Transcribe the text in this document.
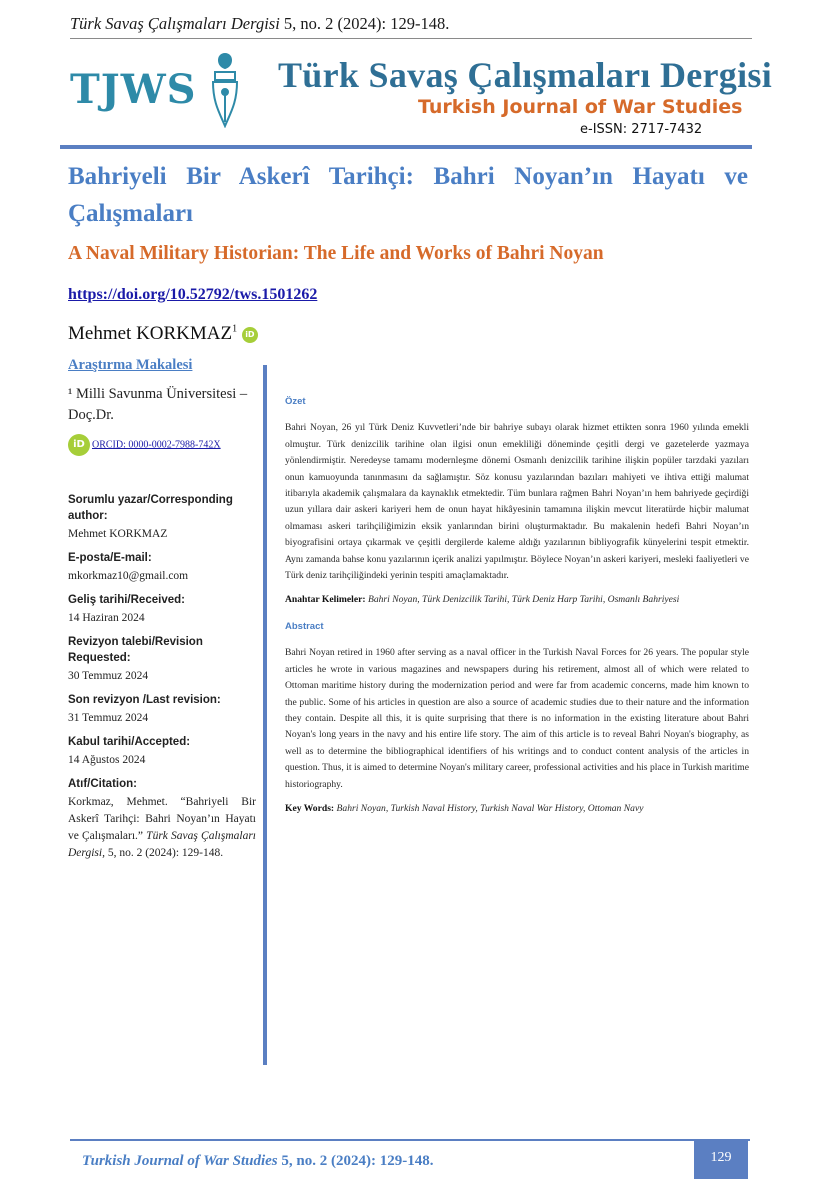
Türk Savaş Çalışmaları Dergisi 5, no. 2 (2024): 129-148.
TJWS Türk Savaş Çalışmaları Dergisi
Turkish Journal of War Studies
e-ISSN: 2717-7432
Bahriyeli Bir Askerî Tarihçi: Bahri Noyan’ın Hayatı ve
Çalışmaları
A Naval Military Historian: The Life and Works of Bahri Noyan
https://doi.org/10.52792/tws.1501262
Mehmet KORKMAZ$^1$ iD
Araştırma Makalesi
¹ Milli Savunma Üniversitesi – Doç.Dr.
iD ORCID: 0000-0002-7988-742X

Sorumlu yazar/Corresponding author:

Mehmet KORKMAZ

E-posta/E-mail:

mkorkmaz10@gmail.com

Geliş tarihi/Received:

14 Haziran 2024

Revizyon talebi/Revision Requested:

30 Temmuz 2024

Son revizyon /Last revision:

31 Temmuz 2024

Kabul tarihi/Accepted:

14 Ağustos 2024

Atıf/Citation:

Korkmaz, Mehmet. “Bahriyeli Bir Askerî Tarihçi: Bahri Noyan’ın Hayatı ve Çalışmaları.” Türk Savaş Çalışmaları Dergisi, 5, no. 2 (2024): 129-148.

Özet

Bahri Noyan, 26 yıl Türk Deniz Kuvvetleri’nde bir bahriye subayı olarak hizmet ettikten sonra 1960 yılında emekli olmuştur. Türk denizcilik tarihine olan ilgisi onun emekliliği döneminde çeşitli dergi ve gazetelerde yazmaya yönlendirmiştir. Neredeyse tamamı modernleşme dönemi Osmanlı denizcilik tarihine ilişkin popüler tarzdaki yazıları onun kamuoyunda tanınmasını da sağlamıştır. Söz konusu yazılarından bazıları mahiyeti ve ihtiva ettiği malumat itibarıyla akademik çalışmalara da kaynaklık etmektedir. Tüm bunlara rağmen Bahri Noyan’ın hem bahriyede geçirdiği uzun yıllara dair askeri kariyeri hem de onun hayat hikâyesinin tamamına ilişkin mevcut literatürde hiçbir malumat olmaması askeri tarihçiliğimizin eksik yanlarından birini oluşturmaktadır. Bu makalenin hedefi Bahri Noyan’ın biyografisini ortaya çıkarmak ve çeşitli dergilerde kaleme aldığı yazılarının bibliyografik künyelerini tespit etmektir. Aynı zamanda bahse konu yazılarının içerik analizi yapılmıştır. Böylece Noyan’ın askeri kariyeri, mesleki faaliyetleri ve Türk deniz tarihçiliğindeki yerinin tespiti amaçlamaktadır.

Anahtar Kelimeler: Bahri Noyan, Türk Denizcilik Tarihi, Türk Deniz Harp Tarihi, Osmanlı Bahriyesi

Abstract

Bahri Noyan retired in 1960 after serving as a naval officer in the Turkish Naval Forces for 26 years. The popular style articles he wrote in various magazines and newspapers during his retirement, almost all of which were related to Ottoman maritime history during the modernization period and were far from academic concerns, made him known to the public. Some of his articles in question are also a source of academic studies due to their nature and the information they contain. Despite all this, it is quite surprising that there is no information in the existing literature about Bahri Noyan's long years in the navy and his entire life story. The aim of this article is to reveal Bahri Noyan's biography, as well as to determine the bibliographical identifiers of his writings and to conduct content analysis of the articles in question. Thus, it is aimed to determine Noyan's military career, professional activities and his place in Turkish maritime historiography.

Key Words: Bahri Noyan, Turkish Naval History, Turkish Naval War History, Ottoman Navy

Turkish Journal of War Studies 5, no. 2 (2024): 129-148.	129
